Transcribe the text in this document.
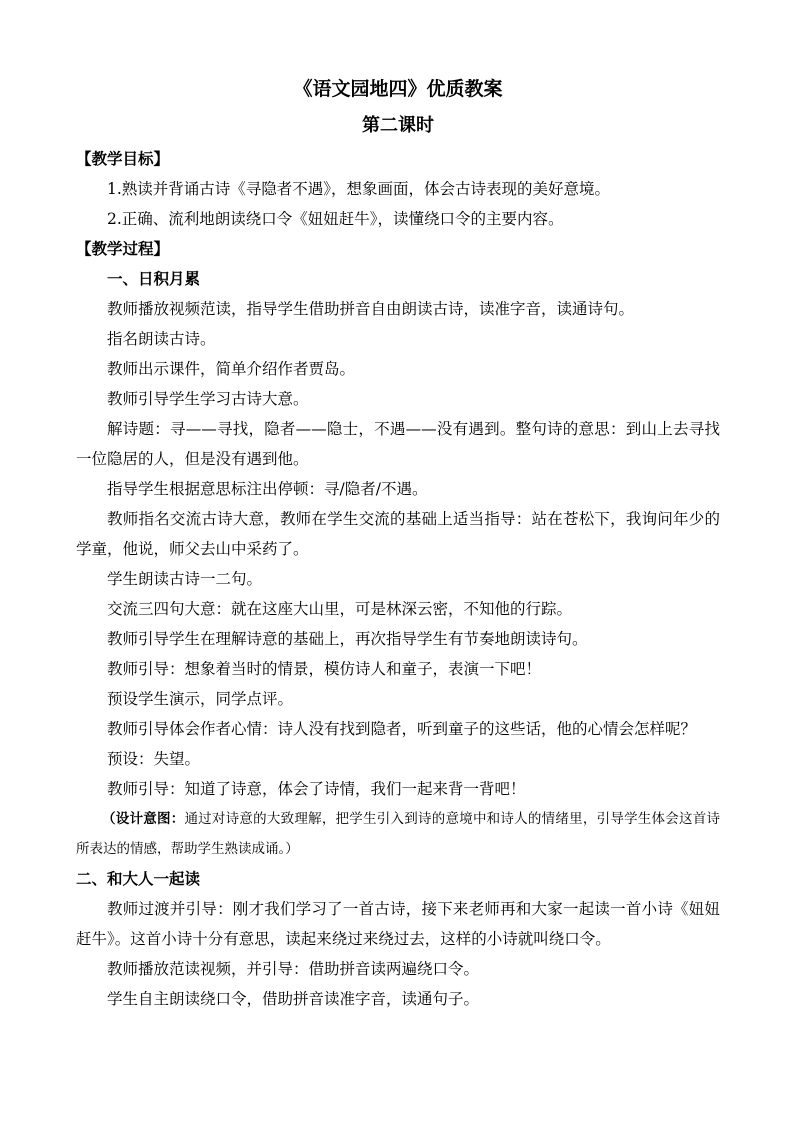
《语文园地四》优质教案

第二课时

【教学目标】

1.熟读并背诵古诗《寻隐者不遇》，想象画面，体会古诗表现的美好意境。

2.正确、流利地朗读绕口令《妞妞赶牛》，读懂绕口令的主要内容。

【教学过程】

一、日积月累

教师播放视频范读，指导学生借助拼音自由朗读古诗，读准字音，读通诗句。

指名朗读古诗。

教师出示课件，简单介绍作者贾岛。

教师引导学生学习古诗大意。

解诗题：寻——寻找，隐者——隐士，不遇——没有遇到。整句诗的意思：到山上去寻找一位隐居的人，但是没有遇到他。

指导学生根据意思标注出停顿：寻/隐者/不遇。

教师指名交流古诗大意，教师在学生交流的基础上适当指导：站在苍松下，我询问年少的学童，他说，师父去山中采药了。

学生朗读古诗一二句。

交流三四句大意：就在这座大山里，可是林深云密，不知他的行踪。

教师引导学生在理解诗意的基础上，再次指导学生有节奏地朗读诗句。

教师引导：想象着当时的情景，模仿诗人和童子，表演一下吧！

预设学生演示，同学点评。

教师引导体会作者心情：诗人没有找到隐者，听到童子的这些话，他的心情会怎样呢？

预设：失望。

教师引导：知道了诗意，体会了诗情，我们一起来背一背吧！

（设计意图：通过对诗意的大致理解，把学生引入到诗的意境中和诗人的情绪里，引导学生体会这首诗所表达的情感，帮助学生熟读成诵。）

二、和大人一起读

教师过渡并引导：刚才我们学习了一首古诗，接下来老师再和大家一起读一首小诗《妞妞赶牛》。这首小诗十分有意思，读起来绕过来绕过去，这样的小诗就叫绕口令。

教师播放范读视频，并引导：借助拼音读两遍绕口令。

学生自主朗读绕口令，借助拼音读准字音，读通句子。
